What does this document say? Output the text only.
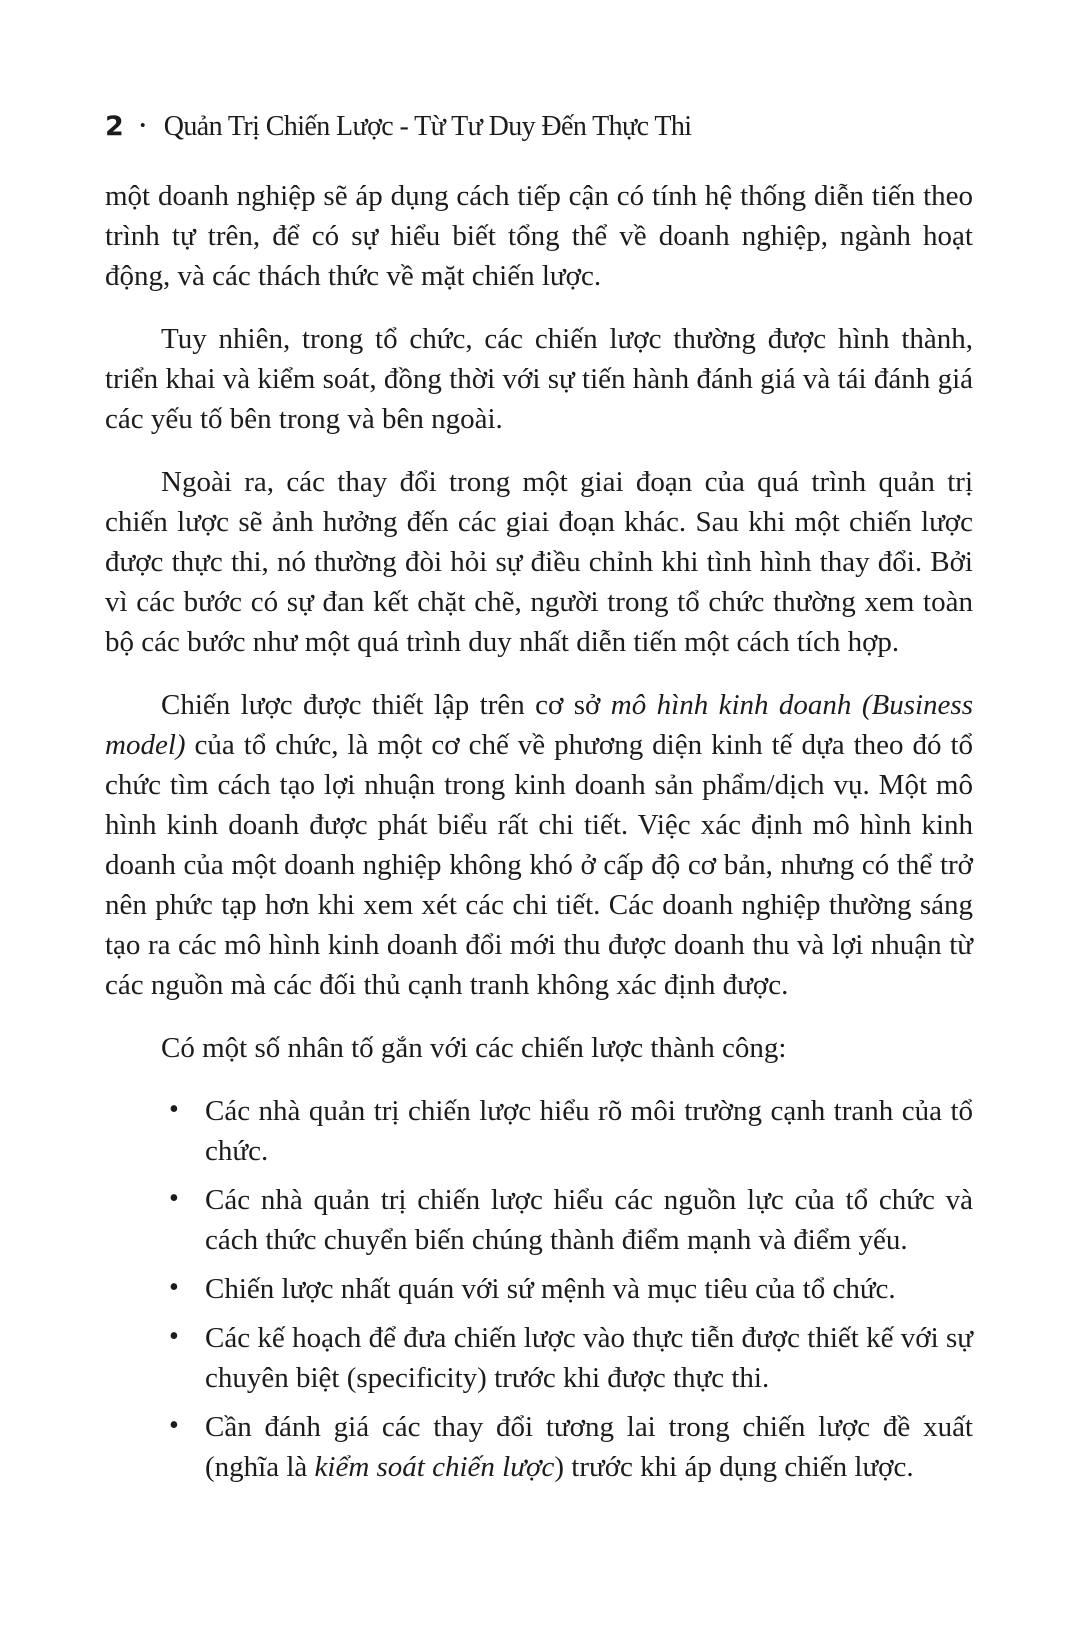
2 • Quản Trị Chiến Lược - Từ Tư Duy Đến Thực Thi

một doanh nghiệp sẽ áp dụng cách tiếp cận có tính hệ thống diễn tiến theo trình tự trên, để có sự hiểu biết tổng thể về doanh nghiệp, ngành hoạt động, và các thách thức về mặt chiến lược.

Tuy nhiên, trong tổ chức, các chiến lược thường được hình thành, triển khai và kiểm soát, đồng thời với sự tiến hành đánh giá và tái đánh giá các yếu tố bên trong và bên ngoài.

Ngoài ra, các thay đổi trong một giai đoạn của quá trình quản trị chiến lược sẽ ảnh hưởng đến các giai đoạn khác. Sau khi một chiến lược được thực thi, nó thường đòi hỏi sự điều chỉnh khi tình hình thay đổi. Bởi vì các bước có sự đan kết chặt chẽ, người trong tổ chức thường xem toàn bộ các bước như một quá trình duy nhất diễn tiến một cách tích hợp.

Chiến lược được thiết lập trên cơ sở mô hình kinh doanh (Business model) của tổ chức, là một cơ chế về phương diện kinh tế dựa theo đó tổ chức tìm cách tạo lợi nhuận trong kinh doanh sản phẩm/dịch vụ. Một mô hình kinh doanh được phát biểu rất chi tiết. Việc xác định mô hình kinh doanh của một doanh nghiệp không khó ở cấp độ cơ bản, nhưng có thể trở nên phức tạp hơn khi xem xét các chi tiết. Các doanh nghiệp thường sáng tạo ra các mô hình kinh doanh đổi mới thu được doanh thu và lợi nhuận từ các nguồn mà các đối thủ cạnh tranh không xác định được.

Có một số nhân tố gắn với các chiến lược thành công:

• Các nhà quản trị chiến lược hiểu rõ môi trường cạnh tranh của tổ chức.
• Các nhà quản trị chiến lược hiểu các nguồn lực của tổ chức và cách thức chuyển biến chúng thành điểm mạnh và điểm yếu.
• Chiến lược nhất quán với sứ mệnh và mục tiêu của tổ chức.
• Các kế hoạch để đưa chiến lược vào thực tiễn được thiết kế với sự chuyên biệt (specificity) trước khi được thực thi.
• Cần đánh giá các thay đổi tương lai trong chiến lược đề xuất (nghĩa là kiểm soát chiến lược) trước khi áp dụng chiến lược.
